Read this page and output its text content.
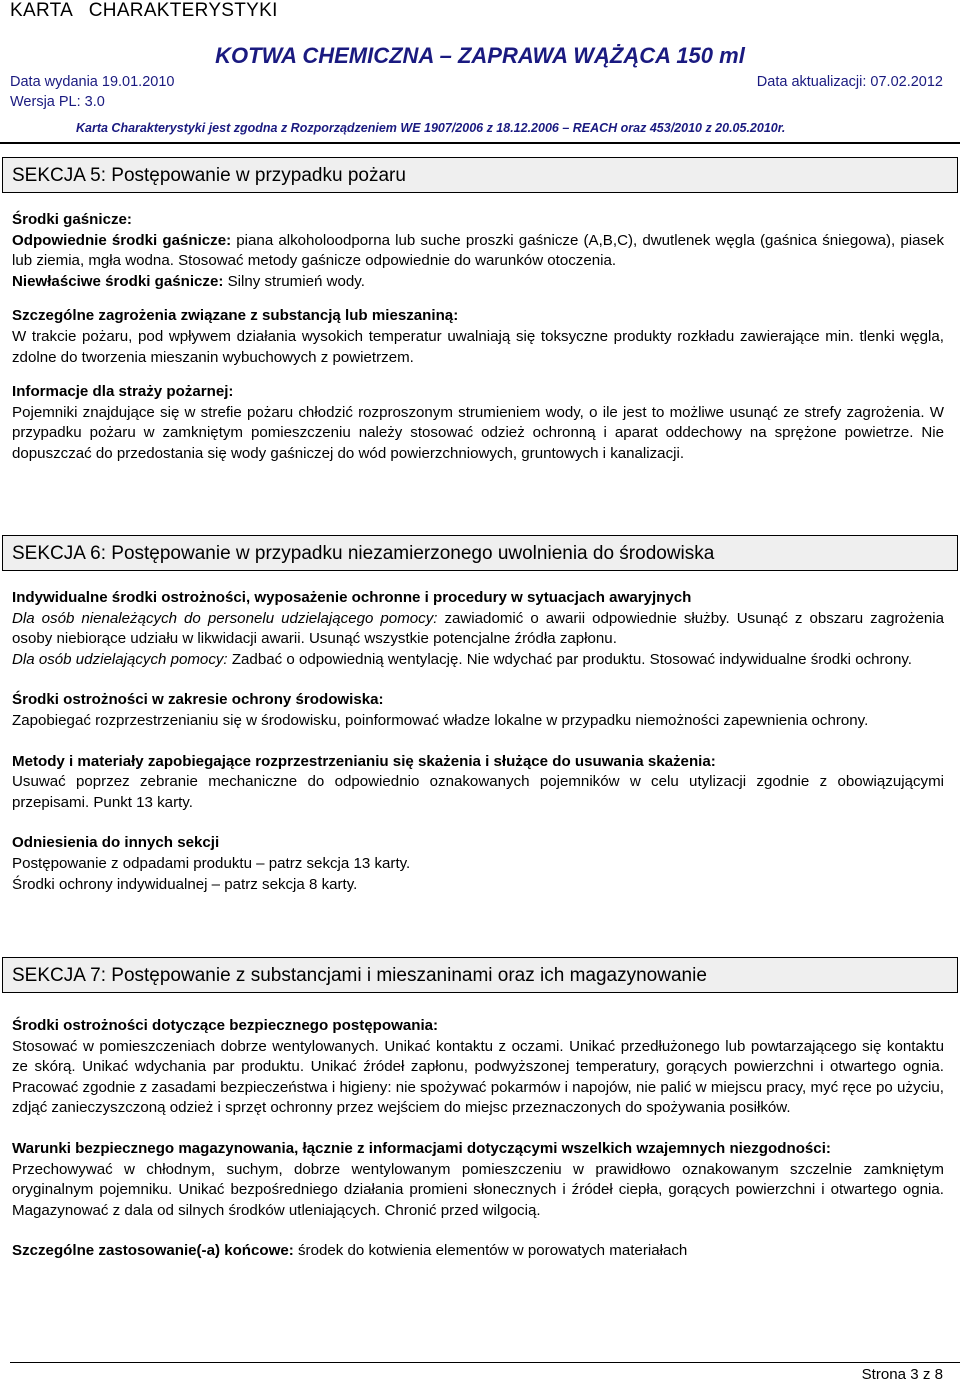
KARTA   CHARAKTERYSTYKI
KOTWA CHEMICZNA – ZAPRAWA WĄŻĄCA 150 ml
Data wydania 19.01.2010	Data aktualizacji: 07.02.2012
Wersja PL: 3.0
Karta Charakterystyki jest zgodna z Rozporządzeniem WE 1907/2006 z 18.12.2006 – REACH oraz 453/2010 z 20.05.2010r.
SEKCJA 5: Postępowanie w przypadku pożaru

Środki gaśnicze:

Odpowiednie środki gaśnicze: piana alkoholoodporna lub suche proszki gaśnicze (A,B,C), dwutlenek węgla (gaśnica śniegowa), piasek lub ziemia, mgła wodna. Stosować metody gaśnicze odpowiednie do warunków otoczenia.

Niewłaściwe środki gaśnicze: Silny strumień wody.

Szczególne zagrożenia związane z substancją lub mieszaniną:

W trakcie pożaru, pod wpływem działania wysokich temperatur uwalniają się toksyczne produkty rozkładu zawierające min. tlenki węgla, zdolne do tworzenia mieszanin wybuchowych z powietrzem.

Informacje dla straży pożarnej:

Pojemniki znajdujące się w strefie pożaru chłodzić rozproszonym strumieniem wody, o ile jest to możliwe usunąć ze strefy zagrożenia. W przypadku pożaru w zamkniętym pomieszczeniu należy stosować odzież ochronną i aparat oddechowy na sprężone powietrze. Nie dopuszczać do przedostania się wody gaśniczej do wód powierzchniowych, gruntowych i kanalizacji.

SEKCJA 6: Postępowanie w przypadku niezamierzonego uwolnienia do środowiska

Indywidualne środki ostrożności, wyposażenie ochronne i procedury w sytuacjach awaryjnych

Dla osób nienależących do personelu udzielającego pomocy: zawiadomić o awarii odpowiednie służby. Usunąć z obszaru zagrożenia osoby niebiorące udziału w likwidacji awarii. Usunąć wszystkie potencjalne źródła zapłonu.

Dla osób udzielających pomocy: Zadbać o odpowiednią wentylację. Nie wdychać par produktu. Stosować indywidualne środki ochrony.

Środki ostrożności w zakresie ochrony środowiska:

Zapobiegać rozprzestrzenianiu się w środowisku, poinformować władze lokalne w przypadku niemożności zapewnienia ochrony.

Metody i materiały zapobiegające rozprzestrzenianiu się skażenia i służące do usuwania skażenia:

Usuwać poprzez zebranie mechaniczne do odpowiednio oznakowanych pojemników w celu utylizacji zgodnie z obowiązującymi przepisami. Punkt 13 karty.

Odniesienia do innych sekcji

Postępowanie z odpadami produktu – patrz sekcja 13 karty.

Środki ochrony indywidualnej – patrz sekcja 8 karty.

SEKCJA 7: Postępowanie z substancjami i mieszaninami oraz ich magazynowanie

Środki ostrożności dotyczące bezpiecznego postępowania:

Stosować w pomieszczeniach dobrze wentylowanych. Unikać kontaktu z oczami. Unikać przedłużonego lub powtarzającego się kontaktu ze skórą. Unikać wdychania par produktu. Unikać źródeł zapłonu, podwyższonej temperatury, gorących powierzchni i otwartego ognia. Pracować zgodnie z zasadami bezpieczeństwa i higieny: nie spożywać pokarmów i napojów, nie palić w miejscu pracy, myć ręce po użyciu, zdjąć zanieczyszczoną odzież i sprzęt ochronny przez wejściem do miejsc przeznaczonych do spożywania posiłków.

Warunki bezpiecznego magazynowania, łącznie z informacjami dotyczącymi wszelkich wzajemnych niezgodności:

Przechowywać w chłodnym, suchym, dobrze wentylowanym pomieszczeniu w prawidłowo oznakowanym szczelnie zamkniętym oryginalnym pojemniku. Unikać bezpośredniego działania promieni słonecznych i źródeł ciepła, gorących powierzchni i otwartego ognia. Magazynować z dala od silnych środków utleniających. Chronić przed wilgocią.

Szczególne zastosowanie(-a) końcowe: środek do kotwienia elementów w porowatych materiałach

Strona 3 z 8
